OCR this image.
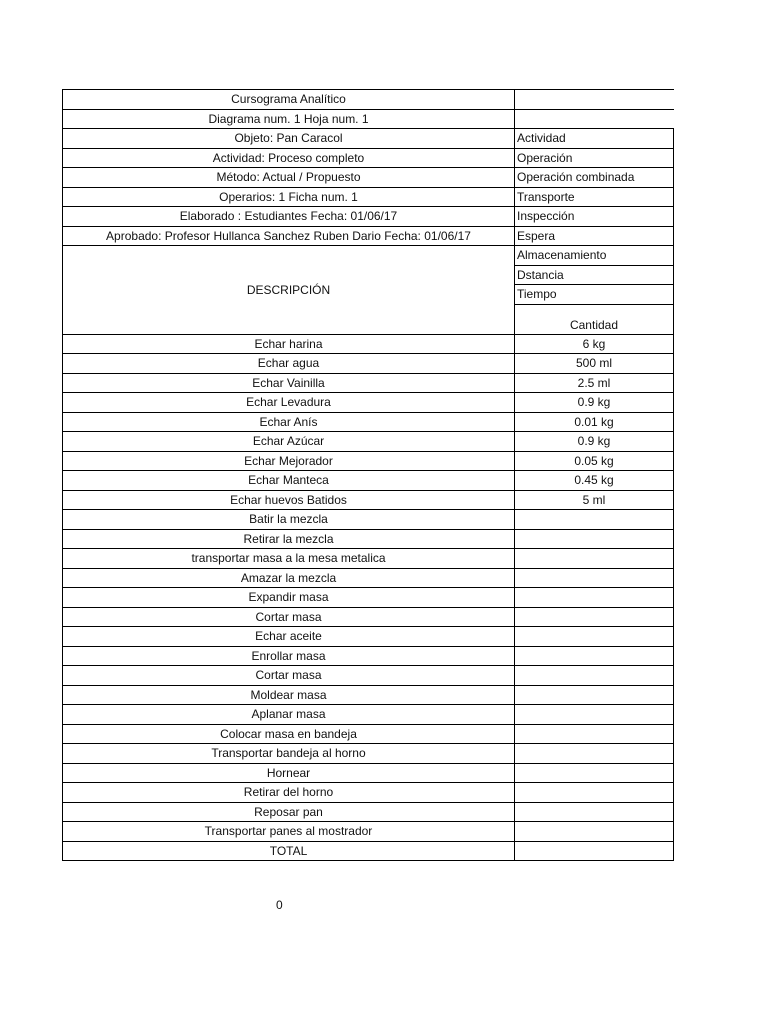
Cursograma Analítico	
Diagrama num. 1 Hoja num. 1	
Objeto: Pan Caracol	Actividad
Actividad: Proceso completo	Operación
Método: Actual / Propuesto	Operación combinada
Operarios: 1 Ficha num. 1	Transporte
Elaborado : Estudiantes Fecha: 01/06/17	Inspección
Aprobado: Profesor Hullanca Sanchez Ruben Dario Fecha: 01/06/17	Espera
DESCRIPCIÓN	Almacenamiento
	Dstancia
	Tiempo
	Cantidad
Echar harina	6 kg
Echar agua	500 ml
Echar Vainilla	2.5 ml
Echar Levadura	0.9 kg
Echar Anís	0.01 kg
Echar Azúcar	0.9 kg
Echar Mejorador	0.05 kg
Echar Manteca	0.45 kg
Echar huevos Batidos	5 ml
Batir la mezcla	
Retirar la mezcla	
transportar masa a la mesa metalica	
Amazar la mezcla	
Expandir masa	
Cortar masa	
Echar aceite	
Enrollar masa	
Cortar masa	
Moldear masa	
Aplanar masa	
Colocar masa en bandeja	
Transportar bandeja al horno	
Hornear	
Retirar del horno	
Reposar pan	
Transportar panes al mostrador	
TOTAL	
0
